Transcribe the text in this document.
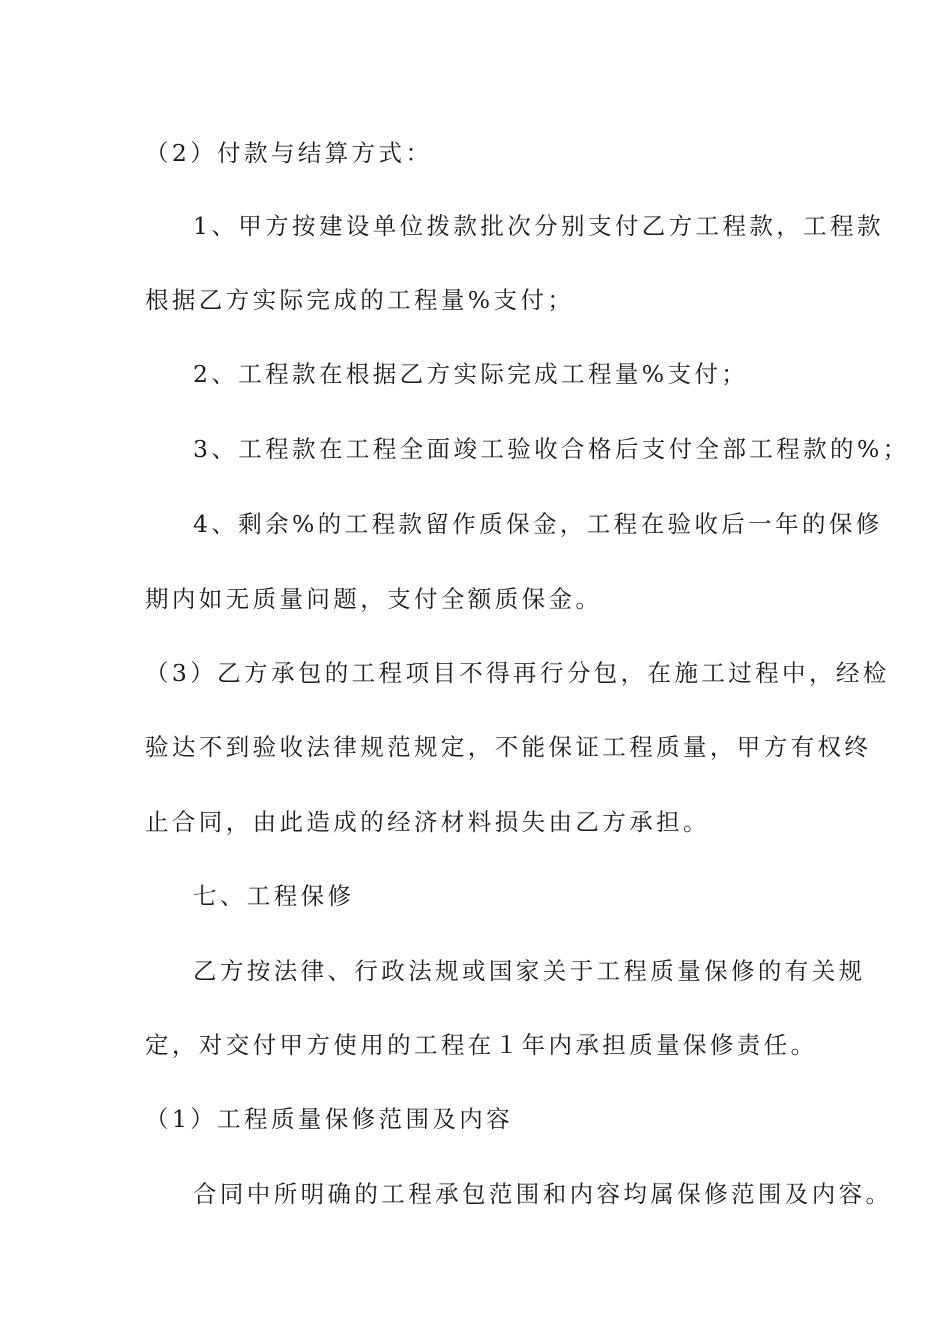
（2）付款与结算方式：
1、甲方按建设单位拨款批次分别支付乙方工程款，工程款
根据乙方实际完成的工程量%支付；
2、工程款在根据乙方实际完成工程量%支付；
3、工程款在工程全面竣工验收合格后支付全部工程款的%；
4、剩余%的工程款留作质保金，工程在验收后一年的保修
期内如无质量问题，支付全额质保金。
（3）乙方承包的工程项目不得再行分包，在施工过程中，经检
验达不到验收法律规范规定，不能保证工程质量，甲方有权终
止合同，由此造成的经济材料损失由乙方承担。
七、工程保修
乙方按法律、行政法规或国家关于工程质量保修的有关规
定，对交付甲方使用的工程在１年内承担质量保修责任。
（1）工程质量保修范围及内容
合同中所明确的工程承包范围和内容均属保修范围及内容。
